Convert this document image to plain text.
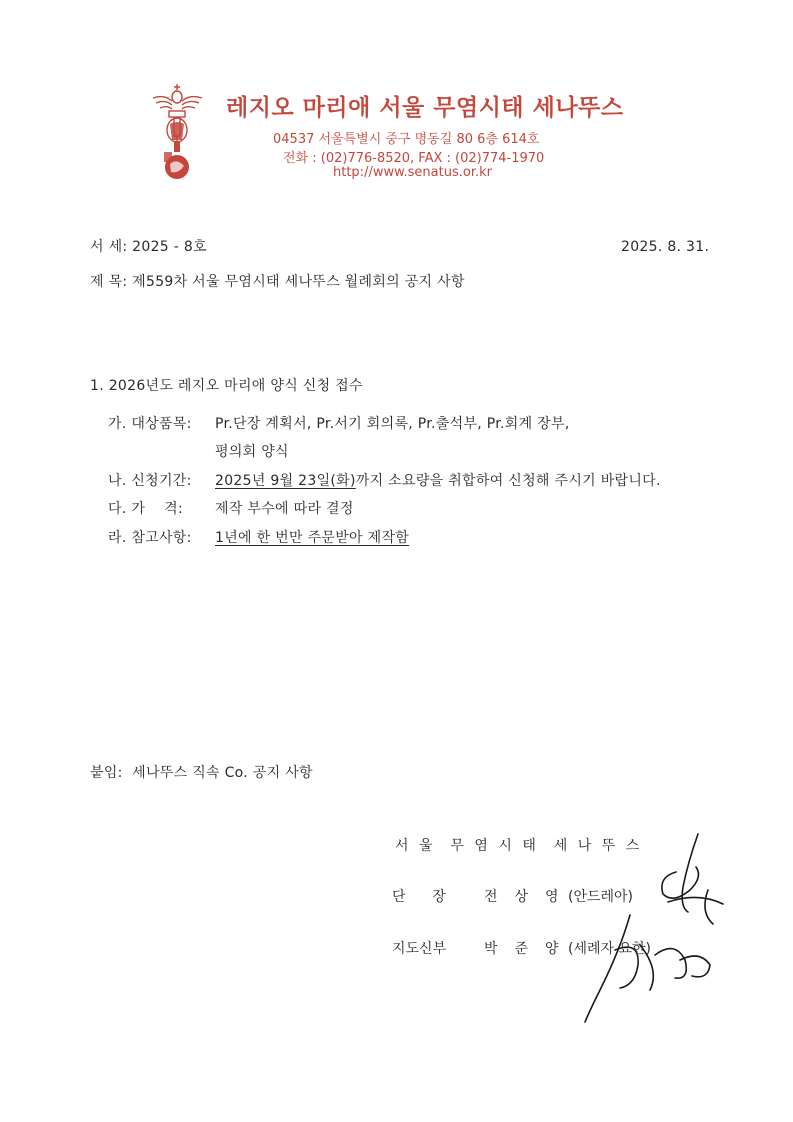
레지오 마리애 서울 무염시태 세나뚜스
04537 서울특별시 중구 명동길 80 6층 614호
전화 : (02)776-8520, FAX : (02)774-1970
http://www.senatus.or.kr
서 세: 2025 - 8호	2025. 8. 31.
제 목: 제559차 서울 무염시태 세나뚜스 월례회의 공지 사항
1. 2026년도 레지오 마리애 양식 신청 접수
가. 대상품목: Pr.단장 계획서, Pr.서기 회의록, Pr.출석부, Pr.회계 장부,
평의회 양식
나. 신청기간: 2025년 9월 23일(화)까지 소요량을 취합하여 신청해 주시기 바랍니다.
다. 가    격: 제작 부수에 따라 결정
라. 참고사항: 1년에 한 번만 주문받아 제작함
붙임:  세나뚜스 직속 Co. 공지 사항
서 울  무 염 시 태  세 나 뚜 스
단      장	전상영
(안드레아)
지도신부	박준양
(세례자 요한)
